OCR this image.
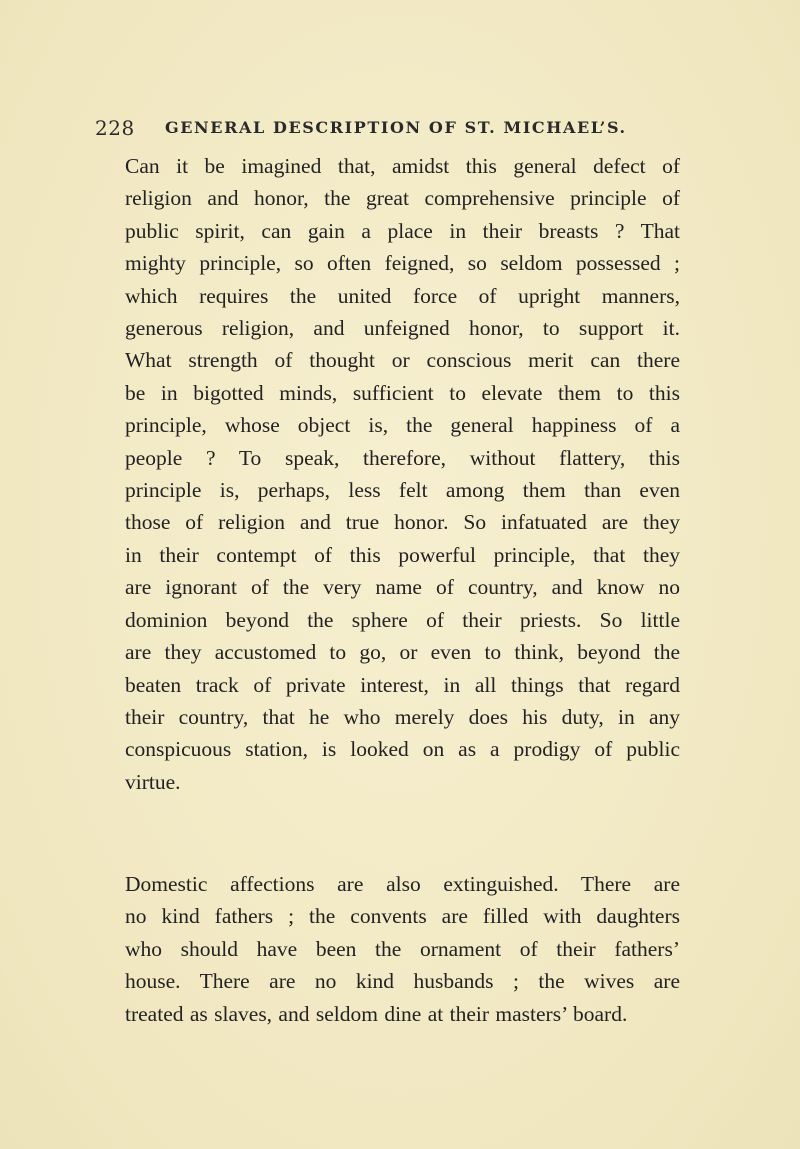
228 GENERAL DESCRIPTION OF ST. MICHAEL’S.
Can it be imagined that, amidst this general defect of
religion and honor, the great comprehensive principle of
public spirit, can gain a place in their breasts ? That
mighty principle, so often feigned, so seldom possessed ;
which requires the united force of upright manners,
generous religion, and unfeigned honor, to support it.
What strength of thought or conscious merit can there
be in bigotted minds, sufficient to elevate them to this
principle, whose object is, the general happiness of a
people ? To speak, therefore, without flattery, this
principle is, perhaps, less felt among them than even
those of religion and true honor. So infatuated are they
in their contempt of this powerful principle, that they
are ignorant of the very name of country, and know no
dominion beyond the sphere of their priests. So little
are they accustomed to go, or even to think, beyond the
beaten track of private interest, in all things that regard
their country, that he who merely does his duty, in any
conspicuous station, is looked on as a prodigy of public
virtue.
Domestic affections are also extinguished. There are
no kind fathers ; the convents are filled with daughters
who should have been the ornament of their fathers’
house. There are no kind husbands ; the wives are
treated as slaves, and seldom dine at their masters’ board.
